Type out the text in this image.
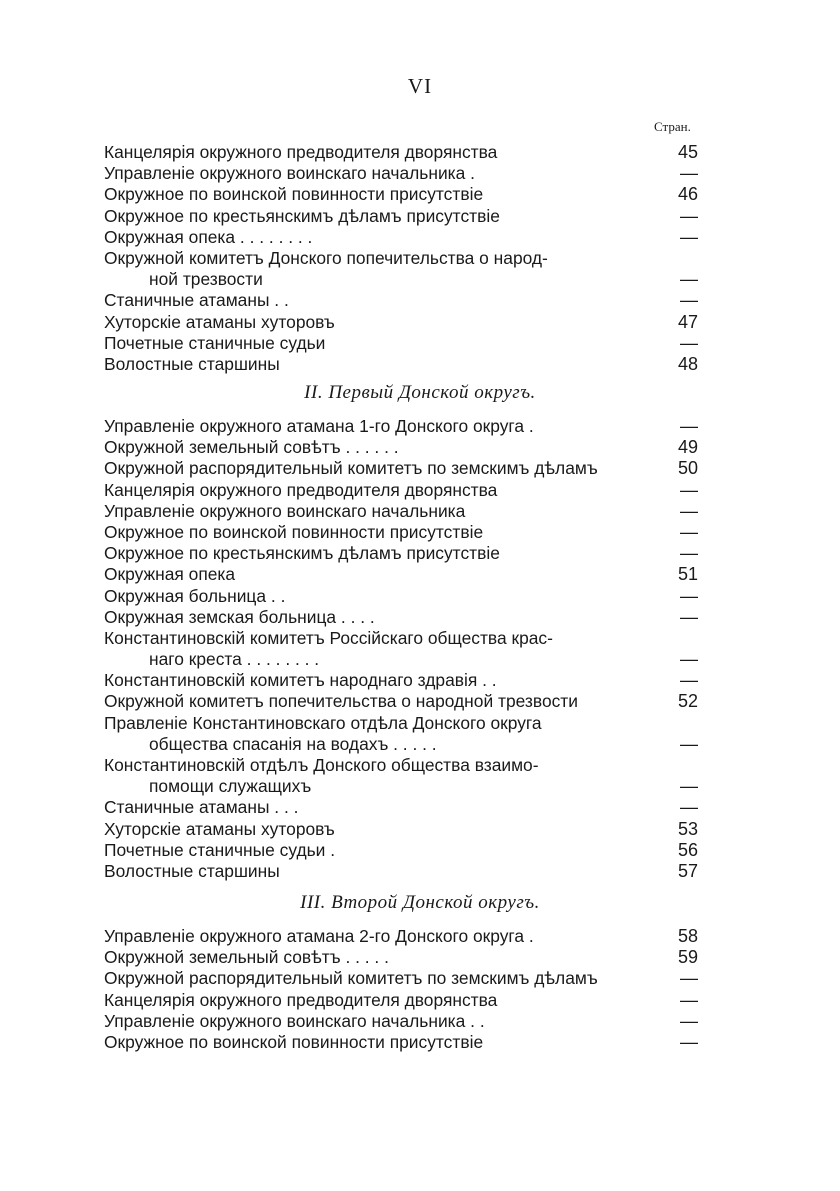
VI
Стран.
Канцелярія окружного предводителя дворянства	45
Управленіе окружного воинскаго начальника .	—
Окружное по воинской повинности присутствіе	46
Окружное по крестьянскимъ дѣламъ присутствіе	—
Окружная опека . . . . . . . .	—
Окружной комитетъ Донского попечительства о народ-
ной трезвости	—
Станичные атаманы . .	—
Хуторскіе атаманы хуторовъ	47
Почетные станичные судьи	—
Волостные старшины	48
II. Первый Донской округъ.
Управленіе окружного атамана 1-го Донского округа .	—
Окружной земельный совѣтъ . . . . . .	49
Окружной распорядительный комитетъ по земскимъ дѣламъ	50
Канцелярія окружного предводителя дворянства	—
Управленіе окружного воинскаго начальника	—
Окружное по воинской повинности присутствіе	—
Окружное по крестьянскимъ дѣламъ присутствіе	—
Окружная опека	51
Окружная больница . .	—
Окружная земская больница . . . .	—
Константиновскій комитетъ Россійскаго общества крас-
наго креста . . . . . . . .	—
Константиновскій комитетъ народнаго здравія . .	—
Окружной комитетъ попечительства о народной трезвости	52
Правленіе Константиновскаго отдѣла Донского округа
общества спасанія на водахъ . . . . .	—
Константиновскій отдѣлъ Донского общества взаимо-
помощи служащихъ	—
Станичные атаманы . . .	—
Хуторскіе атаманы хуторовъ	53
Почетные станичные судьи .	56
Волостные старшины	57
III. Второй Донской округъ.
Управленіе окружного атамана 2-го Донского округа .	58
Окружной земельный совѣтъ . . . . .	59
Окружной распорядительный комитетъ по земскимъ дѣламъ	—
Канцелярія окружного предводителя дворянства	—
Управленіе окружного воинскаго начальника . .	—
Окружное по воинской повинности присутствіе	—
